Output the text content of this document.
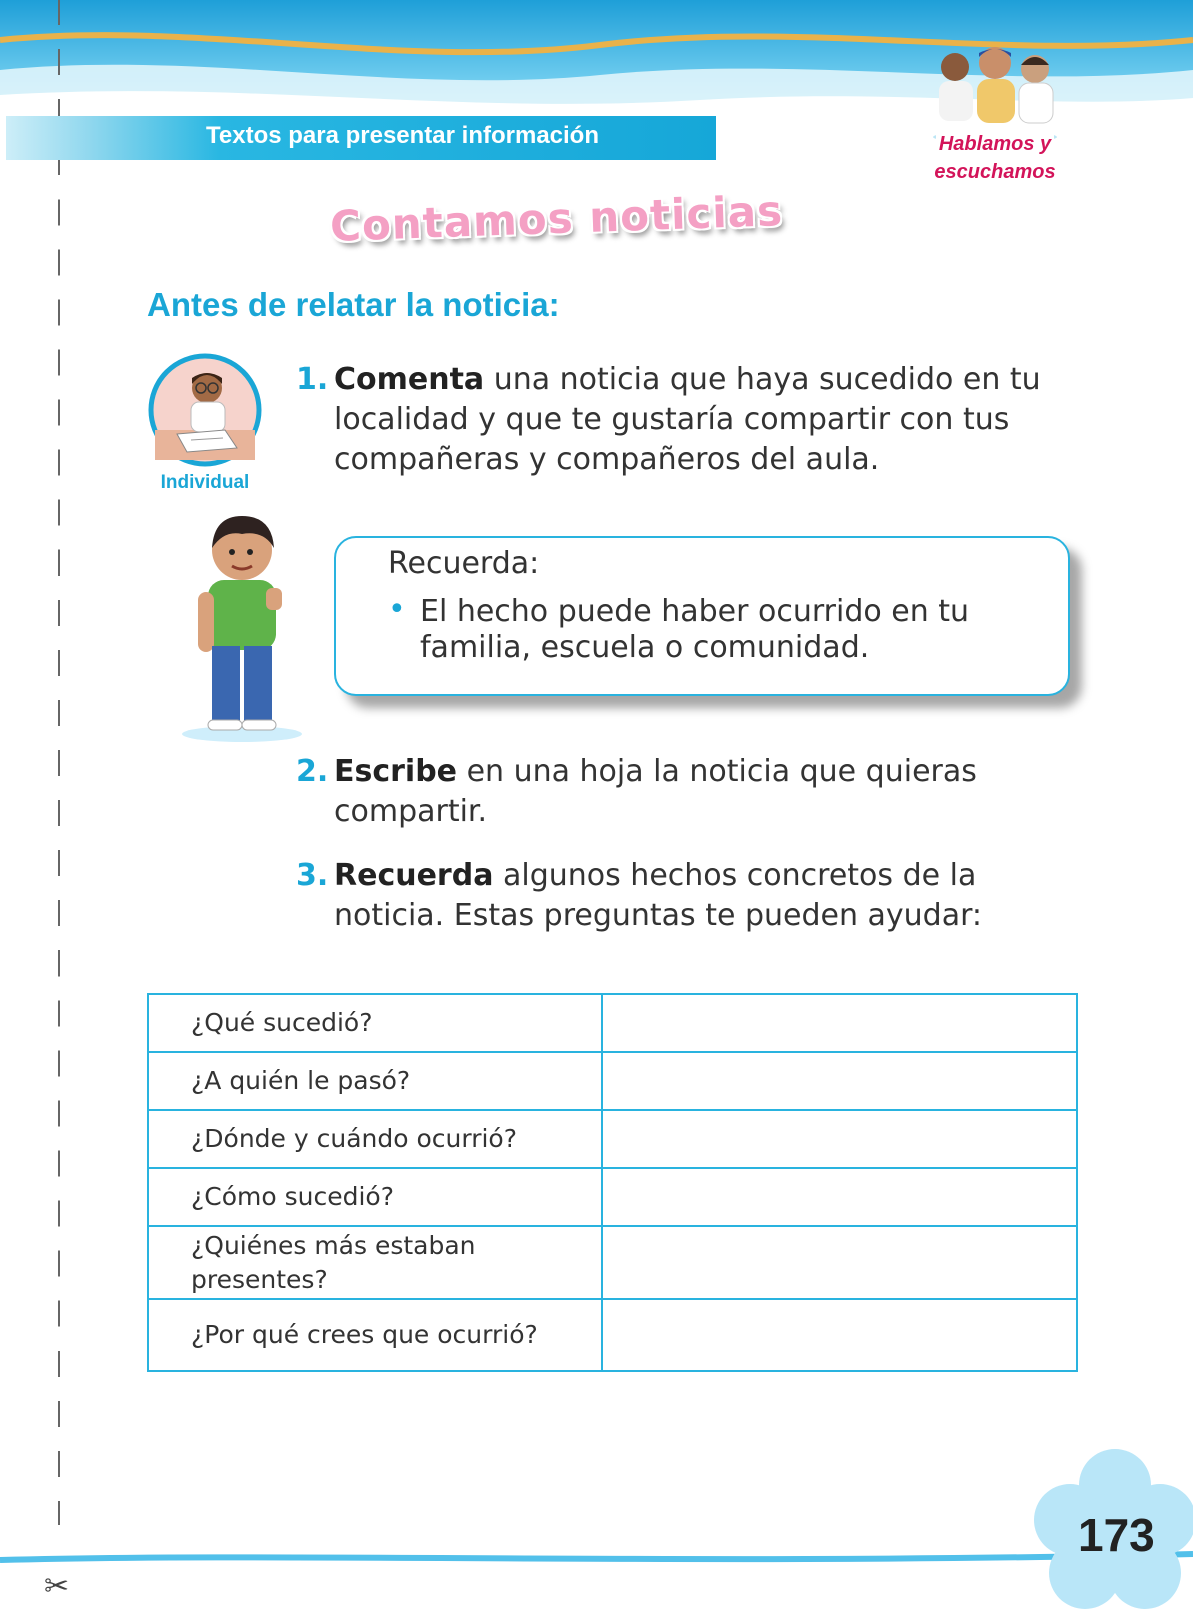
Textos para presentar información	Hablamos y
escuchamos
Contamos noticias
Antes de relatar la noticia:
Individual
1. Comenta una noticia que haya sucedido en tu localidad y que te gustaría compartir con tus compañeras y compañeros del aula.
Recuerda:
• El hecho puede haber ocurrido en tu familia, escuela o comunidad.
2. Escribe en una hoja la noticia que quieras compartir.
3. Recuerda algunos hechos concretos de la noticia. Estas preguntas te pueden ayudar:
¿Qué sucedió?	
¿A quién le pasó?	
¿Dónde y cuándo ocurrió?	
¿Cómo sucedió?	
¿Quiénes más estaban presentes?	
¿Por qué crees que ocurrió?	
173
✂
